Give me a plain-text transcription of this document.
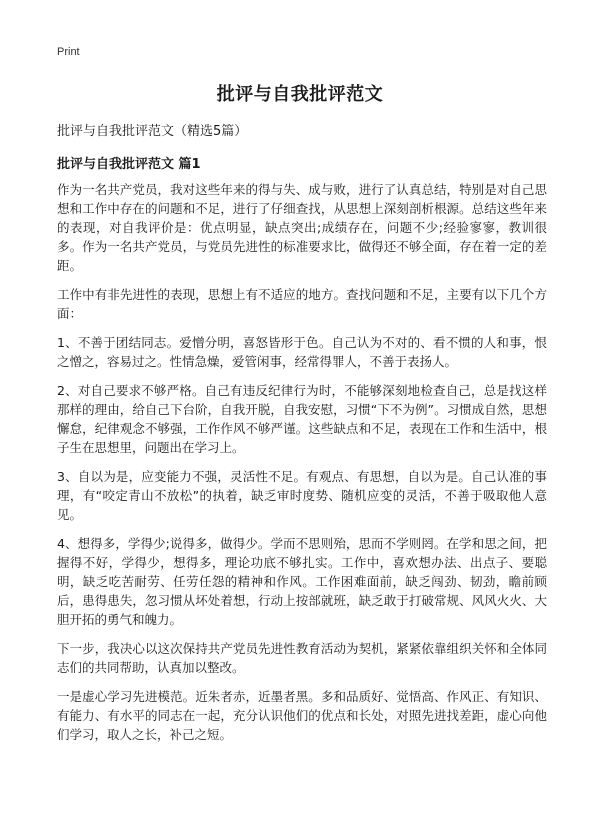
Print
批评与自我批评范文

批评与自我批评范文（精选5篇）

批评与自我批评范文 篇1

作为一名共产党员，我对这些年来的得与失、成与败，进行了认真总结，特别是对自己思想和工作中存在的问题和不足，进行了仔细查找，从思想上深刻剖析根源。总结这些年来的表现，对自我评价是：优点明显，缺点突出;成绩存在，问题不少;经验寥寥，教训很多。作为一名共产党员，与党员先进性的标准要求比，做得还不够全面，存在着一定的差距。

工作中有非先进性的表现，思想上有不适应的地方。查找问题和不足，主要有以下几个方面：

1、不善于团结同志。爱憎分明，喜怒皆形于色。自己认为不对的、看不惯的人和事，恨之憎之，容易过之。性情急燥，爱管闲事，经常得罪人，不善于表扬人。

2、对自己要求不够严格。自己有违反纪律行为时，不能够深刻地检查自己，总是找这样那样的理由，给自己下台阶，自我开脱，自我安慰，习惯“下不为例”。习惯成自然，思想懈怠，纪律观念不够强，工作作风不够严谨。这些缺点和不足，表现在工作和生活中，根子生在思想里，问题出在学习上。

3、自以为是，应变能力不强，灵活性不足。有观点、有思想，自以为是。自己认准的事理，有“咬定青山不放松”的执着，缺乏审时度势、随机应变的灵活，不善于吸取他人意见。

4、想得多，学得少;说得多，做得少。学而不思则殆，思而不学则罔。在学和思之间，把握得不好，学得少，想得多，理论功底不够扎实。工作中，喜欢想办法、出点子、要聪明，缺乏吃苦耐劳、任劳任怨的精神和作风。工作困难面前，缺乏闯劲、韧劲，瞻前顾后，患得患失，忽习惯从坏处着想，行动上按部就班，缺乏敢于打破常规、风风火火、大胆开拓的勇气和魄力。

下一步，我决心以这次保持共产党员先进性教育活动为契机，紧紧依靠组织关怀和全体同志们的共同帮助，认真加以整改。

一是虚心学习先进模范。近朱者赤，近墨者黑。多和品质好、觉悟高、作风正、有知识、有能力、有水平的同志在一起，充分认识他们的优点和长处，对照先进找差距，虚心向他们学习，取人之长，补己之短。
